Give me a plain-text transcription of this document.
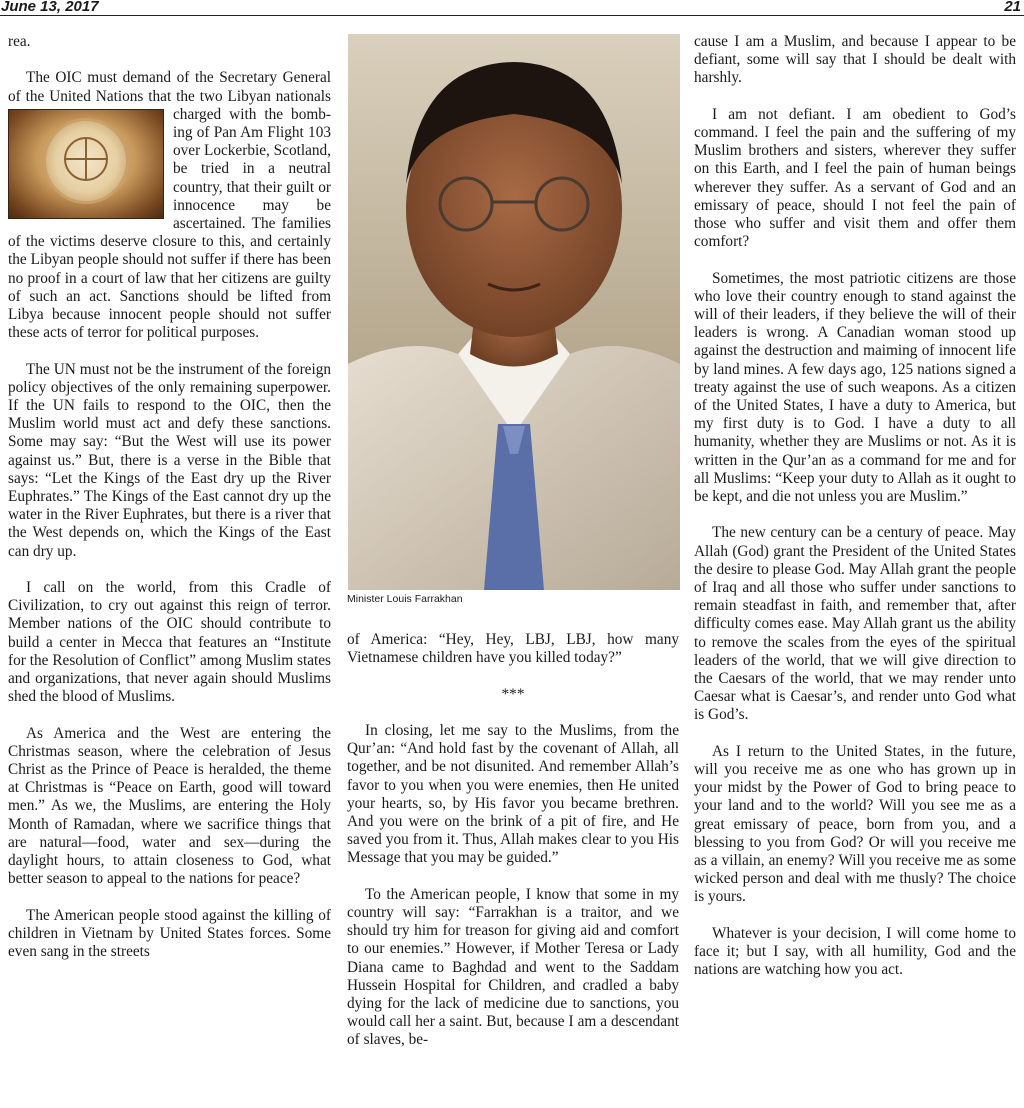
June 13, 2017	21

rea.

The OIC must demand of the Secretary General of the United Nations that the two Libyan nationals charged with the bomb-
ing of Pan Am Flight 103 over Lockerbie, Scotland, be tried in a neutral country, that their guilt or innocence may be ascertained. The families of the victims deserve closure to this, and certainly the Libyan people should not suffer if there has been no proof in a court of law that her citizens are guilty of such an act. Sanctions should be lifted from Libya because innocent people should not suffer these acts of terror for political purposes.

The UN must not be the instrument of the foreign policy objectives of the only remaining superpower. If the UN fails to respond to the OIC, then the Muslim world must act and defy these sanctions. Some may say: “But the West will use its power against us.” But, there is a verse in the Bible that says: “Let the Kings of the East dry up the River Euphrates.” The Kings of the East cannot dry up the water in the River Euphrates, but there is a river that the West depends on, which the Kings of the East can dry up.

I call on the world, from this Cradle of Civilization, to cry out against this reign of terror. Member nations of the OIC should contribute to build a center in Mecca that features an “Institute for the Resolution of Conflict” among Muslim states and organizations, that never again should Muslims shed the blood of Muslims.

As America and the West are entering the Christmas season, where the celebration of Jesus Christ as the Prince of Peace is heralded, the theme at Christmas is “Peace on Earth, good will toward men.” As we, the Muslims, are entering the Holy Month of Ramadan, where we sacrifice things that are natural—food, water and sex—during the daylight hours, to attain closeness to God, what better season to appeal to the nations for peace?

The American people stood against the killing of children in Vietnam by United States forces. Some even sang in the streets

Minister Louis Farrakhan

of America: “Hey, Hey, LBJ, LBJ, how many Vietnamese children have you killed today?”

***

In closing, let me say to the Muslims, from the Qur’an: “And hold fast by the covenant of Allah, all together, and be not disunited. And remember Allah’s favor to you when you were enemies, then He united your hearts, so, by His favor you became brethren. And you were on the brink of a pit of fire, and He saved you from it. Thus, Allah makes clear to you His Message that you may be guided.”

To the American people, I know that some in my country will say: “Farrakhan is a traitor, and we should try him for treason for giving aid and comfort to our enemies.” However, if Mother Teresa or Lady Diana came to Baghdad and went to the Saddam Hussein Hospital for Children, and cradled a baby dying for the lack of medicine due to sanctions, you would call her a saint. But, because I am a descendant of slaves, be-

cause I am a Muslim, and because I appear to be defiant, some will say that I should be dealt with harshly.

I am not defiant. I am obedient to God’s command. I feel the pain and the suffering of my Muslim brothers and sisters, wherever they suffer on this Earth, and I feel the pain of human beings wherever they suffer. As a servant of God and an emissary of peace, should I not feel the pain of those who suffer and visit them and offer them comfort?

Sometimes, the most patriotic citizens are those who love their country enough to stand against the will of their leaders, if they believe the will of their leaders is wrong. A Canadian woman stood up against the destruction and maiming of innocent life by land mines. A few days ago, 125 nations signed a treaty against the use of such weapons. As a citizen of the United States, I have a duty to America, but my first duty is to God. I have a duty to all humanity, whether they are Muslims or not. As it is written in the Qur’an as a command for me and for all Muslims: “Keep your duty to Allah as it ought to be kept, and die not unless you are Muslim.”

The new century can be a century of peace. May Allah (God) grant the President of the United States the desire to please God. May Allah grant the people of Iraq and all those who suffer under sanctions to remain steadfast in faith, and remember that, after difficulty comes ease. May Allah grant us the ability to remove the scales from the eyes of the spiritual leaders of the world, that we will give direction to the Caesars of the world, that we may render unto Caesar what is Caesar’s, and render unto God what is God’s.

As I return to the United States, in the future, will you receive me as one who has grown up in your midst by the Power of God to bring peace to your land and to the world? Will you see me as a great emissary of peace, born from you, and a blessing to you from God? Or will you receive me as a villain, an enemy? Will you receive me as some wicked person and deal with me thusly? The choice is yours.

Whatever is your decision, I will come home to face it; but I say, with all humility, God and the nations are watching how you act.
